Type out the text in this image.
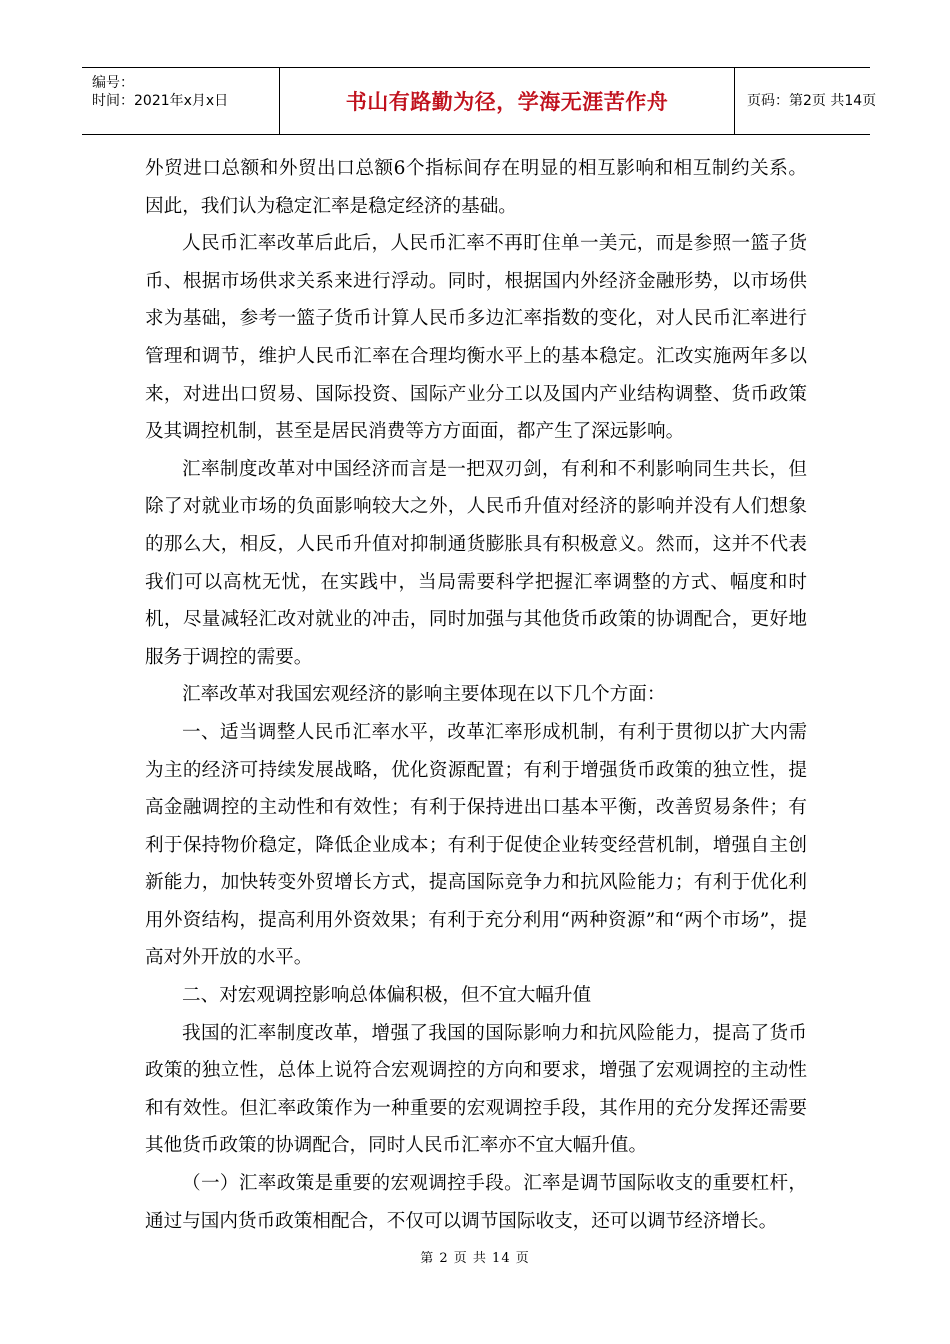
编号：
时间：2021年x月x日	书山有路勤为径，学海无涯苦作舟	页码：第2页 共14页

外贸进口总额和外贸出口总额6个指标间存在明显的相互影响和相互制约关系。因此，我们认为稳定汇率是稳定经济的基础。

人民币汇率改革后此后，人民币汇率不再盯住单一美元，而是参照一篮子货币、根据市场供求关系来进行浮动。同时，根据国内外经济金融形势，以市场供求为基础，参考一篮子货币计算人民币多边汇率指数的变化，对人民币汇率进行管理和调节，维护人民币汇率在合理均衡水平上的基本稳定。汇改实施两年多以来，对进出口贸易、国际投资、国际产业分工以及国内产业结构调整、货币政策及其调控机制，甚至是居民消费等方方面面，都产生了深远影响。

汇率制度改革对中国经济而言是一把双刃剑，有利和不利影响同生共长，但除了对就业市场的负面影响较大之外，人民币升值对经济的影响并没有人们想象的那么大，相反，人民币升值对抑制通货膨胀具有积极意义。然而，这并不代表我们可以高枕无忧，在实践中，当局需要科学把握汇率调整的方式、幅度和时机，尽量减轻汇改对就业的冲击，同时加强与其他货币政策的协调配合，更好地服务于调控的需要。

汇率改革对我国宏观经济的影响主要体现在以下几个方面：

一、适当调整人民币汇率水平，改革汇率形成机制，有利于贯彻以扩大内需为主的经济可持续发展战略，优化资源配置；有利于增强货币政策的独立性，提高金融调控的主动性和有效性；有利于保持进出口基本平衡，改善贸易条件；有利于保持物价稳定，降低企业成本；有利于促使企业转变经营机制，增强自主创新能力，加快转变外贸增长方式，提高国际竞争力和抗风险能力；有利于优化利用外资结构，提高利用外资效果；有利于充分利用“两种资源”和“两个市场”，提高对外开放的水平。

二、对宏观调控影响总体偏积极，但不宜大幅升值

我国的汇率制度改革，增强了我国的国际影响力和抗风险能力，提高了货币政策的独立性，总体上说符合宏观调控的方向和要求，增强了宏观调控的主动性和有效性。但汇率政策作为一种重要的宏观调控手段，其作用的充分发挥还需要其他货币政策的协调配合，同时人民币汇率亦不宜大幅升值。

（一）汇率政策是重要的宏观调控手段。汇率是调节国际收支的重要杠杆，通过与国内货币政策相配合，不仅可以调节国际收支，还可以调节经济增长。

第 2 页 共 14 页
